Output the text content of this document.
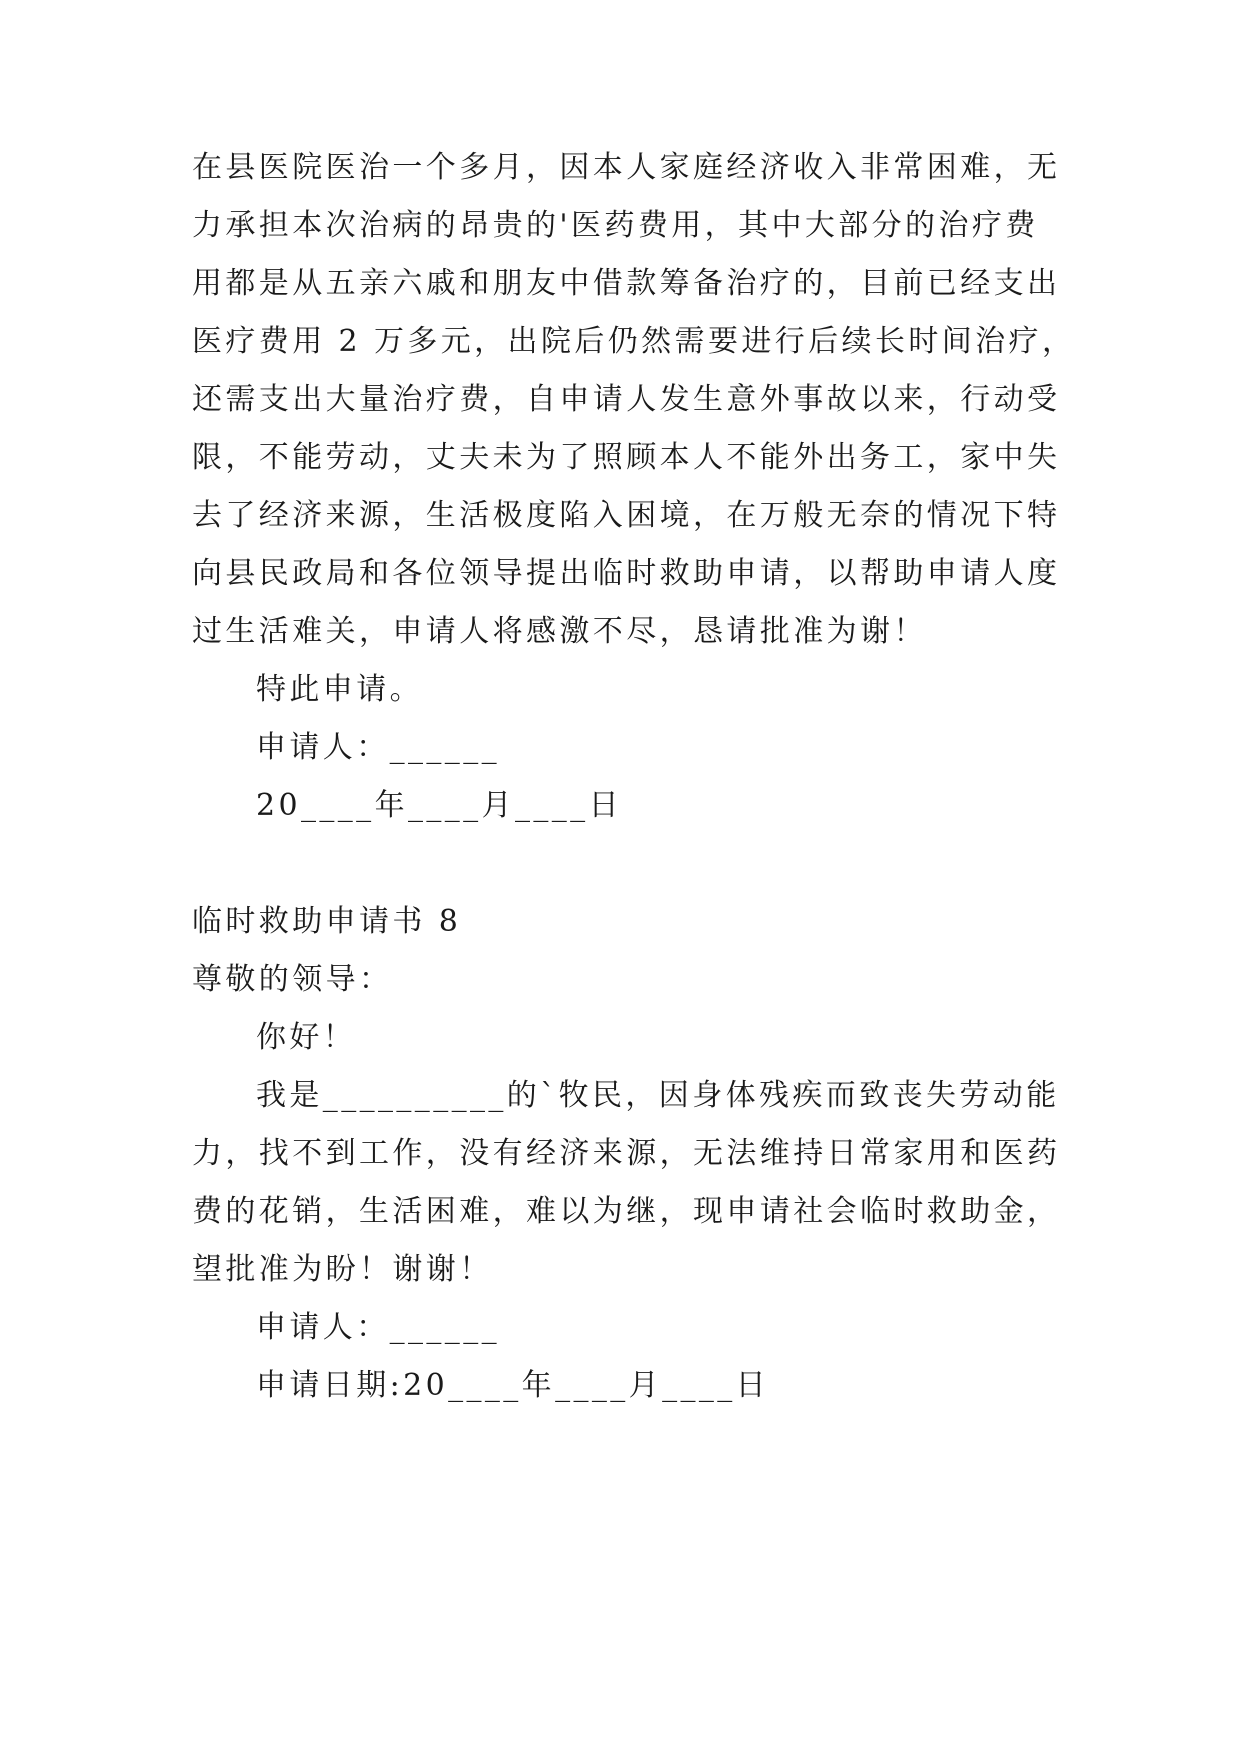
在县医院医治一个多月，因本人家庭经济收入非常困难，无
力承担本次治病的昂贵的'医药费用，其中大部分的治疗费
用都是从五亲六戚和朋友中借款筹备治疗的，目前已经支出
医疗费用 2 万多元，出院后仍然需要进行后续长时间治疗，
还需支出大量治疗费，自申请人发生意外事故以来，行动受
限，不能劳动，丈夫未为了照顾本人不能外出务工，家中失
去了经济来源，生活极度陷入困境，在万般无奈的情况下特
向县民政局和各位领导提出临时救助申请，以帮助申请人度
过生活难关，申请人将感激不尽，恳请批准为谢！
特此申请。
申请人：______
20____年____月____日
临时救助申请书 8
尊敬的领导：
你好！
我是__________的`牧民，因身体残疾而致丧失劳动能
力，找不到工作，没有经济来源，无法维持日常家用和医药
费的花销，生活困难，难以为继，现申请社会临时救助金，
望批准为盼！谢谢！
申请人：______
申请日期:20____年____月____日
